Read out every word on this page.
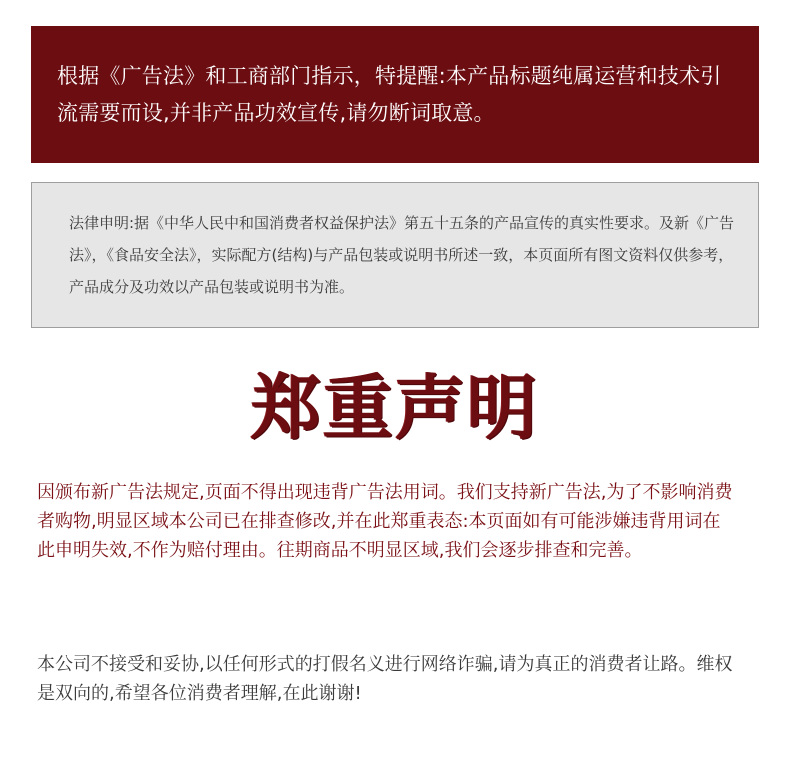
根据《广告法》和工商部门指示，特提醒:本产品标题纯属运营和技术引流需要而设,并非产品功效宣传,请勿断词取意。

法律申明:据《中华人民中和国消费者权益保护法》第五十五条的产品宣传的真实性要求。及新《广告法》，《食品安全法》，实际配方(结构)与产品包装或说明书所述一致，本页面所有图文资料仅供参考，产品成分及功效以产品包装或说明书为准。

郑重声明

因颁布新广告法规定,页面不得出现违背广告法用词。我们支持新广告法,为了不影响消费者购物,明显区域本公司已在排查修改,并在此郑重表态:本页面如有可能涉嫌违背用词在此申明失效,不作为赔付理由。往期商品不明显区域,我们会逐步排查和完善。

本公司不接受和妥协,以任何形式的打假名义进行网络诈骗,请为真正的消费者让路。维权是双向的,希望各位消费者理解,在此谢谢!
